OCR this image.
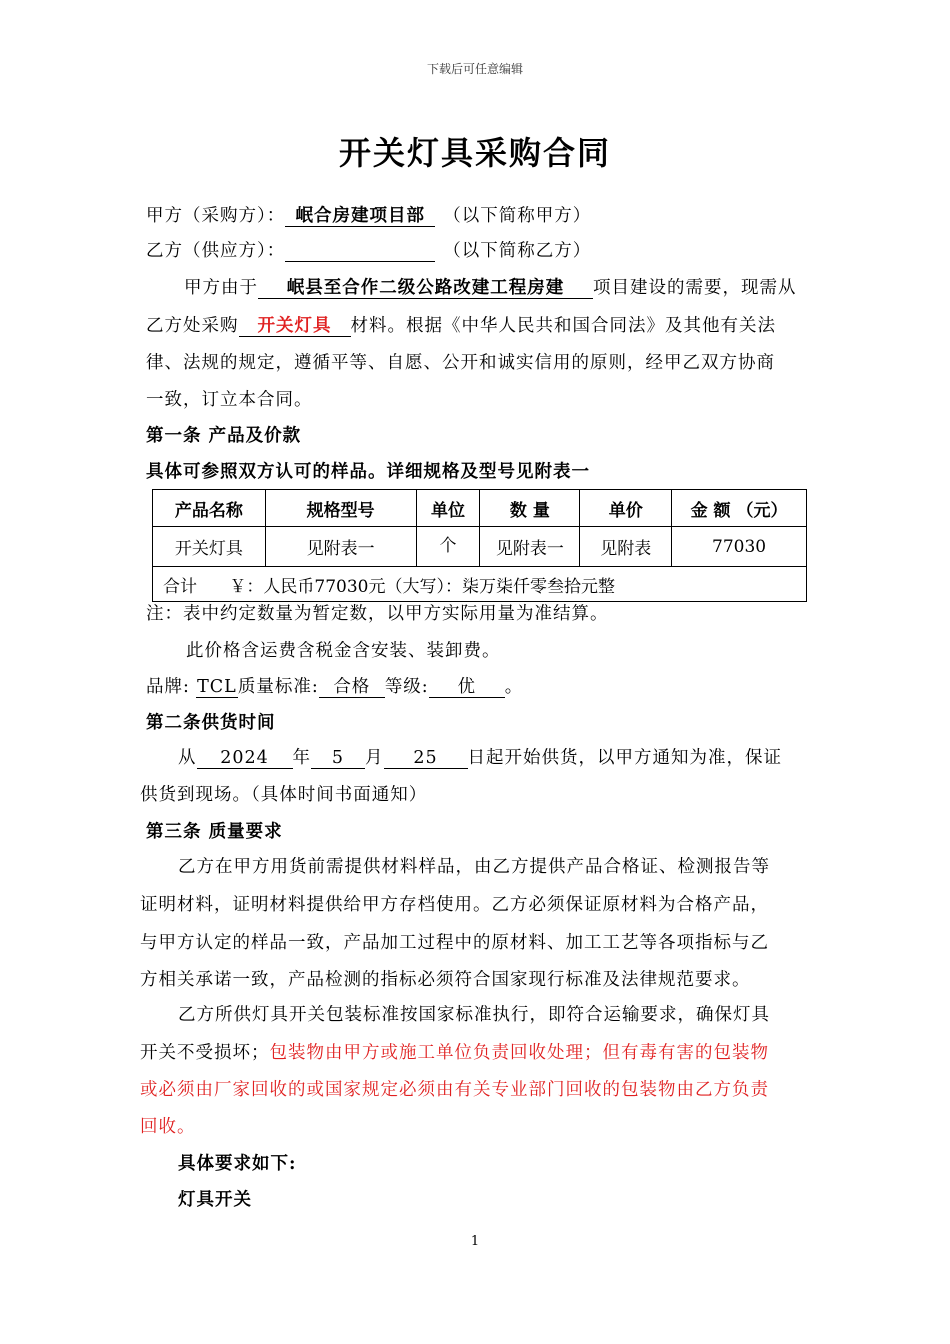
下载后可任意编辑
开关灯具采购合同
甲方（采购方）： 岷合房建项目部 （以下简称甲方）
乙方（供应方）：	（以下简称乙方）
甲方由于 岷县至合作二级公路改建工程房建 项目建设的需要，现需从
乙方处采购 开关灯具 材料。根据《中华人民共和国合同法》及其他有关法
律、法规的规定，遵循平等、自愿、公开和诚实信用的原则，经甲乙双方协商
一致，订立本合同。
第一条 产品及价款
具体可参照双方认可的样品。详细规格及型号见附表一
产品名称	规格型号	单位	数 量	单价	金 额 （元）
开关灯具	见附表一	个	见附表一	见附表	77030
合计      ￥：人民币77030元（大写）：柒万柒仟零叁拾元整					
注：表中约定数量为暂定数，以甲方实际用量为准结算。
此价格含运费含税金含安装、装卸费。
品牌: TCL质量标准: 合格 等级: 优 。
第二条供货时间
从 2024 年 5 月 25 日起开始供货，以甲方通知为准，保证
供货到现场。（具体时间书面通知）
第三条 质量要求
乙方在甲方用货前需提供材料样品，由乙方提供产品合格证、检测报告等
证明材料，证明材料提供给甲方存档使用。乙方必须保证原材料为合格产品，
与甲方认定的样品一致，产品加工过程中的原材料、加工工艺等各项指标与乙
方相关承诺一致，产品检测的指标必须符合国家现行标准及法律规范要求。
乙方所供灯具开关包装标准按国家标准执行，即符合运输要求，确保灯具
开关不受损坏；包装物由甲方或施工单位负责回收处理；但有毒有害的包装物
或必须由厂家回收的或国家规定必须由有关专业部门回收的包装物由乙方负责
回收。
具体要求如下:
灯具开关
1
